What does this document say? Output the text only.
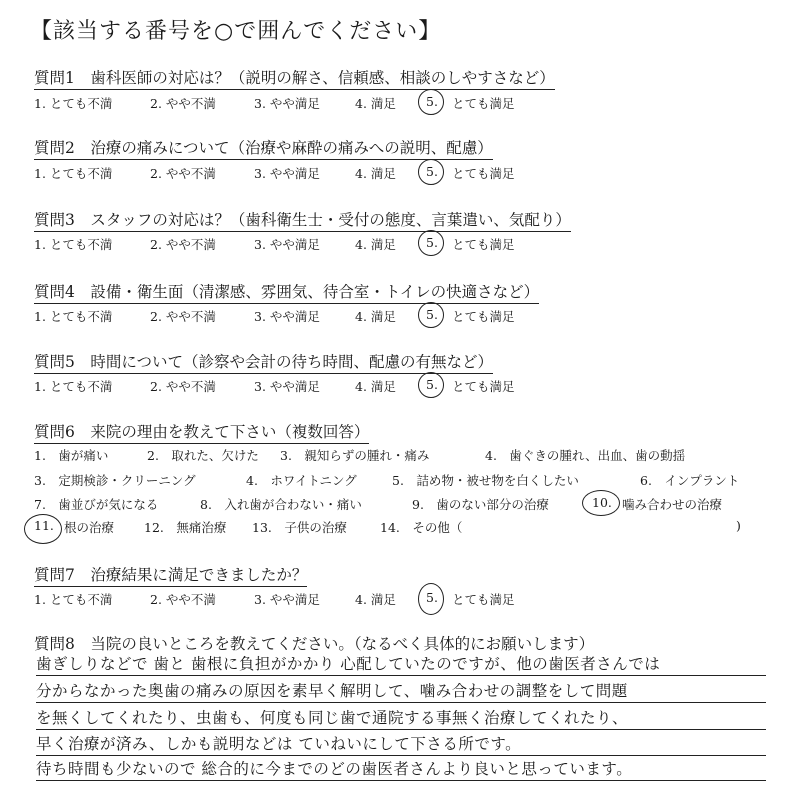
【該当する番号を○で囲んでください】
質問1　歯科医師の対応は？（説明の解さ、信頼感、相談のしやすさなど）
1. とても不満	2. やや不満	3. やや満足	4. 満足 5. とても満足
質問2　治療の痛みについて（治療や麻酔の痛みへの説明、配慮）
1. とても不満	2. やや不満	3. やや満足	4. 満足 5. とても満足
質問3　スタッフの対応は？（歯科衛生士・受付の態度、言葉遣い、気配り）
1. とても不満	2. やや不満	3. やや満足	4. 満足 5. とても満足
質問4　設備・衛生面（清潔感、雰囲気、待合室・トイレの快適さなど）
1. とても不満	2. やや不満	3. やや満足	4. 満足 5. とても満足
質問5　時間について（診察や会計の待ち時間、配慮の有無など）
1. とても不満	2. やや不満	3. やや満足	4. 満足 5. とても満足
質問6　来院の理由を教えて下さい（複数回答）
1.　歯が痛い	2.　取れた、欠けた 3.　親知らずの腫れ・痛み	4.　歯ぐきの腫れ、出血、歯の動揺
3.　定期検診・クリーニング	4.　ホワイトニング	5.　詰め物・被せ物を白くしたい	6.　インプラント
7.　歯並びが気になる	8.　入れ歯が合わない・痛い	9.　歯のない部分の治療	10. 噛み合わせの治療
11. 根の治療 12.　無痛治療 13.　子供の治療	14.　その他（	)
質問7　治療結果に満足できましたか？
1. とても不満	2. やや不満	3. やや満足	4. 満足 5. とても満足
質問8　当院の良いところを教えてください。（なるべく具体的にお願いします）
歯ぎしりなどで 歯と 歯根に負担がかかり 心配していたのですが、他の歯医者さんでは
分からなかった奥歯の痛みの原因を素早く解明して、噛み合わせの調整をして問題
を無くしてくれたり、虫歯も、何度も同じ歯で通院する事無く治療してくれたり、
早く治療が済み、しかも説明などは ていねいにして下さる所です。
待ち時間も少ないので 総合的に今までのどの歯医者さんより良いと思っています。
